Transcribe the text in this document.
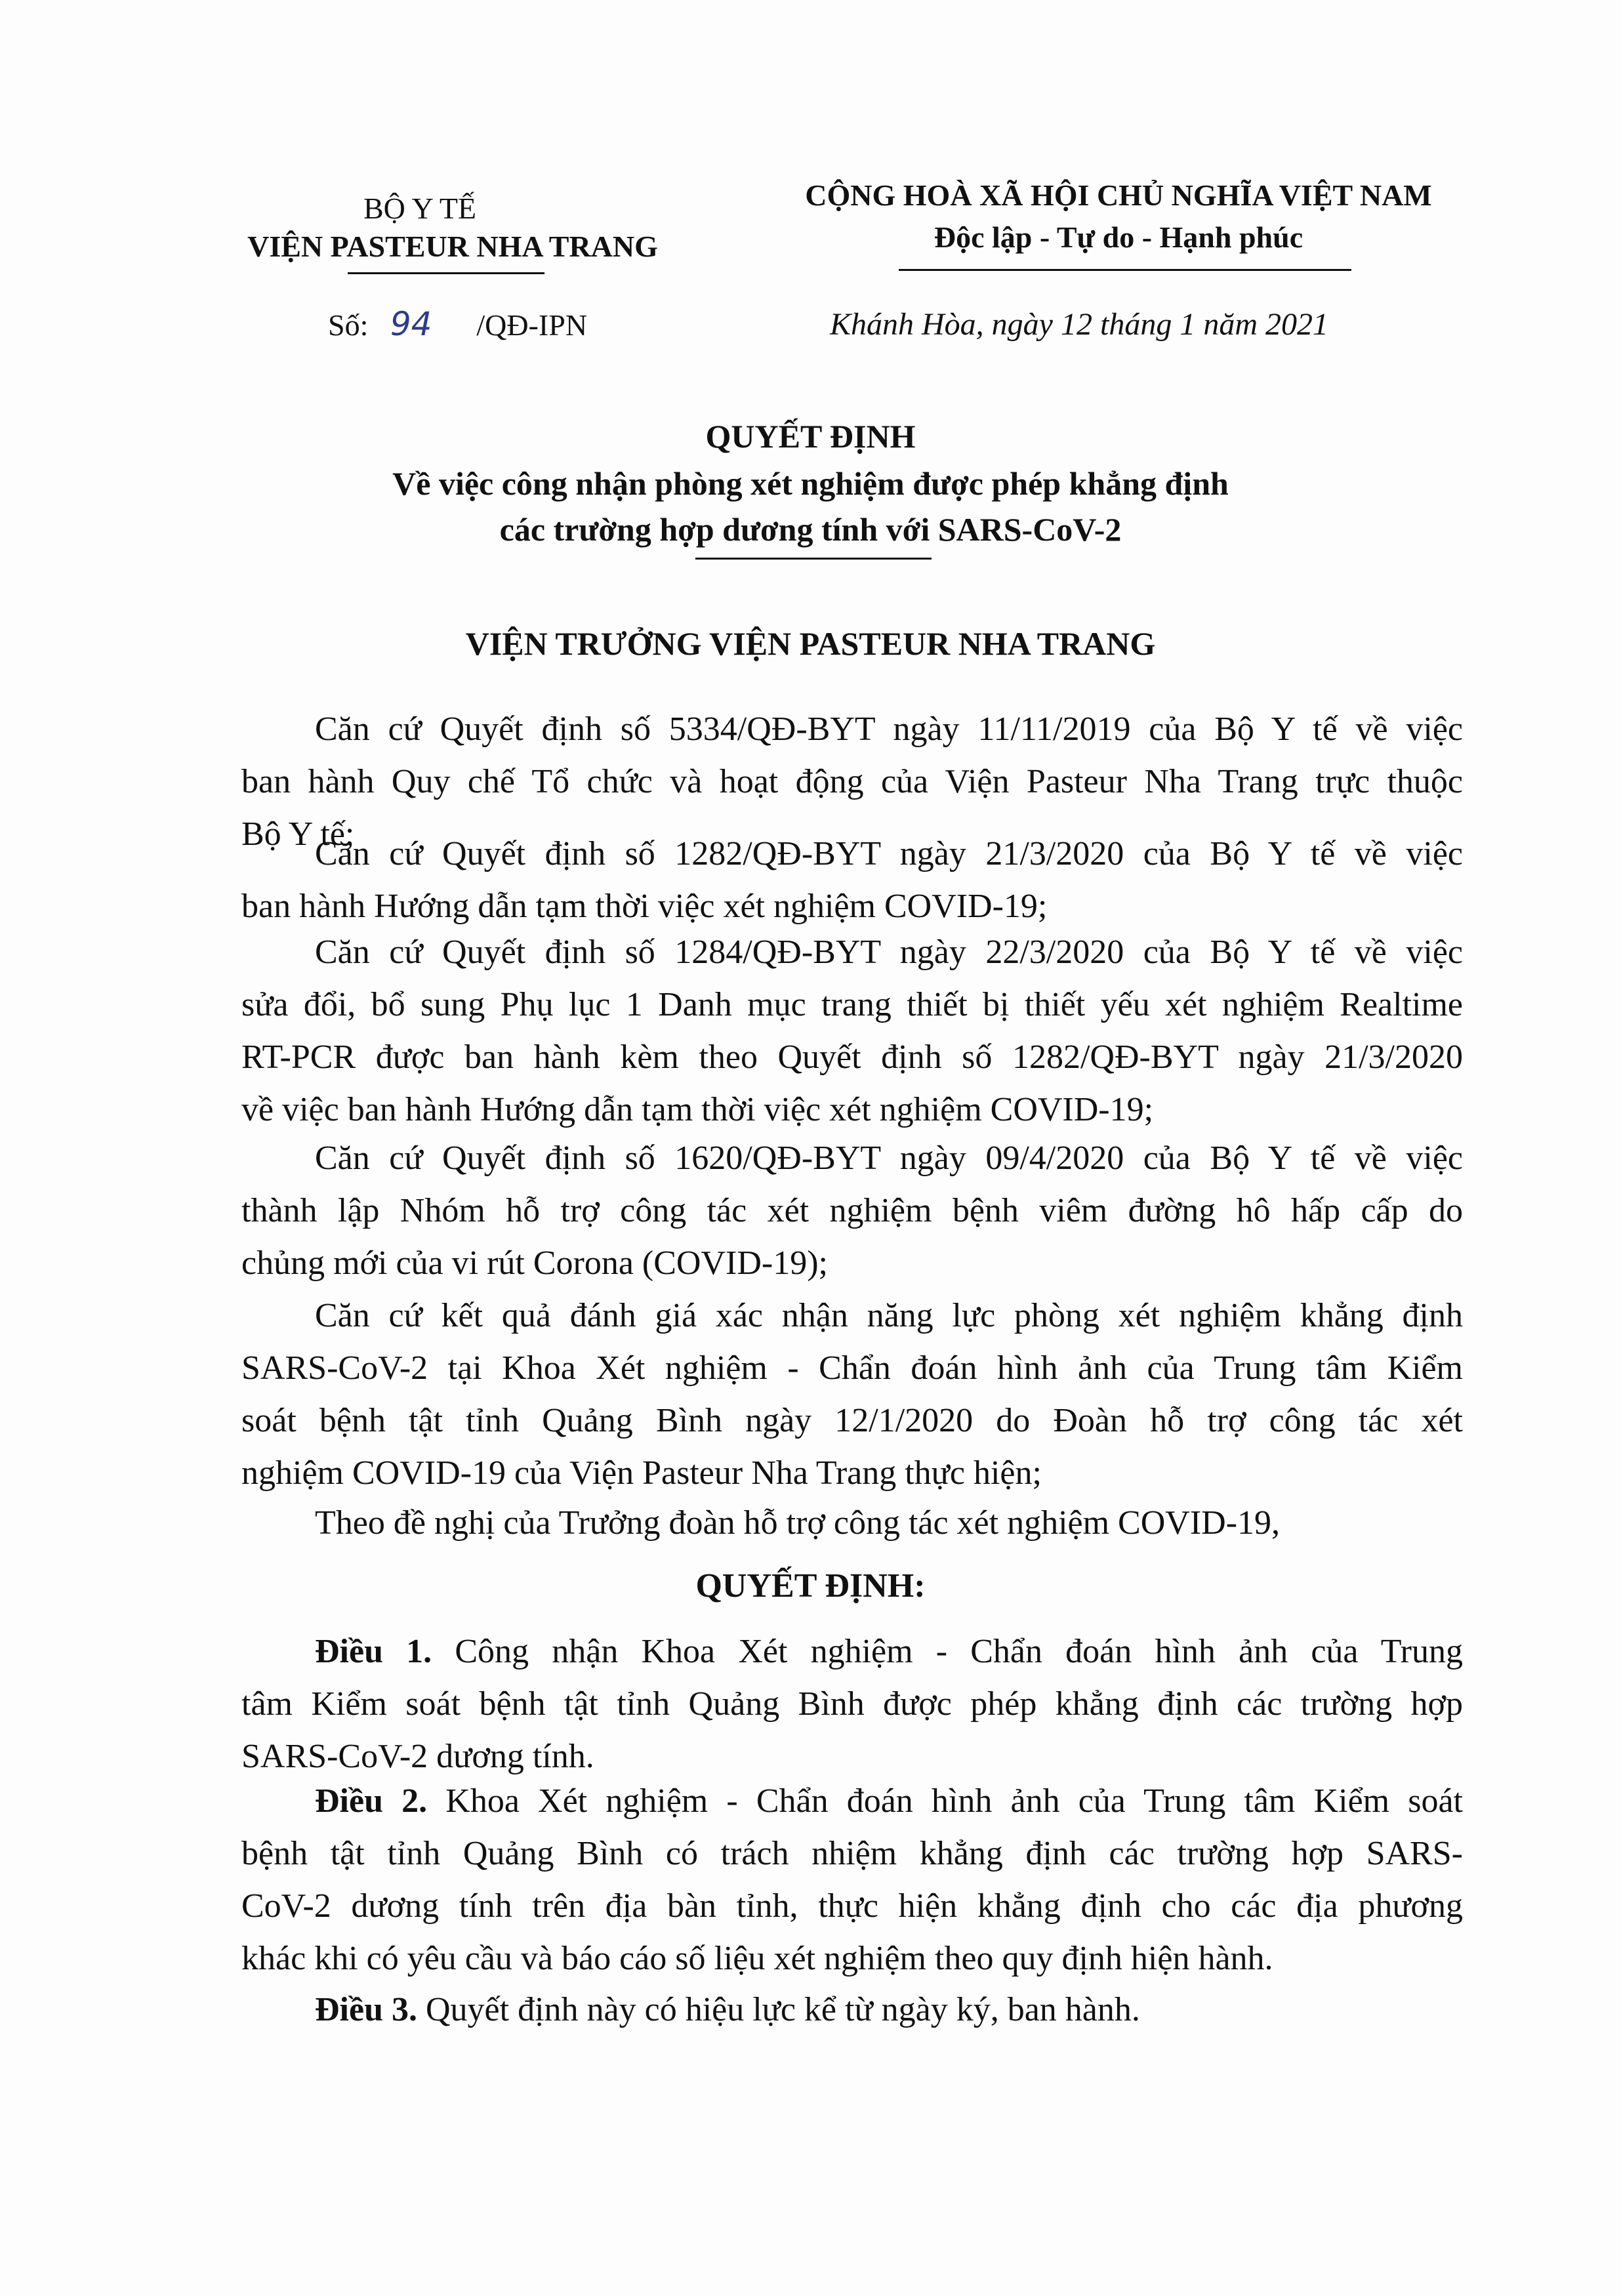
BỘ Y TẾ
VIỆN PASTEUR NHA TRANG
CỘNG HOÀ XÃ HỘI CHỦ NGHĨA VIỆT NAM
Độc lập - Tự do - Hạnh phúc
Số: 94 /QĐ-IPN	Khánh Hòa, ngày 12 tháng 1 năm 2021
QUYẾT ĐỊNH
Về việc công nhận phòng xét nghiệm được phép khẳng định
các trường hợp dương tính với SARS-CoV-2
VIỆN TRƯỞNG VIỆN PASTEUR NHA TRANG
Căn cứ Quyết định số 5334/QĐ-BYT ngày 11/11/2019 của Bộ Y tế về việc
ban hành Quy chế Tổ chức và hoạt động của Viện Pasteur Nha Trang trực thuộc
Bộ Y tế;
Căn cứ Quyết định số 1282/QĐ-BYT ngày 21/3/2020 của Bộ Y tế về việc
ban hành Hướng dẫn tạm thời việc xét nghiệm COVID-19;
Căn cứ Quyết định số 1284/QĐ-BYT ngày 22/3/2020 của Bộ Y tế về việc
sửa đổi, bổ sung Phụ lục 1 Danh mục trang thiết bị thiết yếu xét nghiệm Realtime
RT-PCR được ban hành kèm theo Quyết định số 1282/QĐ-BYT ngày 21/3/2020
về việc ban hành Hướng dẫn tạm thời việc xét nghiệm COVID-19;
Căn cứ Quyết định số 1620/QĐ-BYT ngày 09/4/2020 của Bộ Y tế về việc
thành lập Nhóm hỗ trợ công tác xét nghiệm bệnh viêm đường hô hấp cấp do
chủng mới của vi rút Corona (COVID-19);
Căn cứ kết quả đánh giá xác nhận năng lực phòng xét nghiệm khẳng định
SARS-CoV-2 tại Khoa Xét nghiệm - Chẩn đoán hình ảnh của Trung tâm Kiểm
soát bệnh tật tỉnh Quảng Bình ngày 12/1/2020 do Đoàn hỗ trợ công tác xét
nghiệm COVID-19 của Viện Pasteur Nha Trang thực hiện;
Theo đề nghị của Trưởng đoàn hỗ trợ công tác xét nghiệm COVID-19,
QUYẾT ĐỊNH:
Điều 1. Công nhận Khoa Xét nghiệm - Chẩn đoán hình ảnh của Trung
tâm Kiểm soát bệnh tật tỉnh Quảng Bình được phép khẳng định các trường hợp
SARS-CoV-2 dương tính.
Điều 2. Khoa Xét nghiệm - Chẩn đoán hình ảnh của Trung tâm Kiểm soát
bệnh tật tỉnh Quảng Bình có trách nhiệm khẳng định các trường hợp SARS-
CoV-2 dương tính trên địa bàn tỉnh, thực hiện khẳng định cho các địa phương
khác khi có yêu cầu và báo cáo số liệu xét nghiệm theo quy định hiện hành.
Điều 3. Quyết định này có hiệu lực kể từ ngày ký, ban hành.
